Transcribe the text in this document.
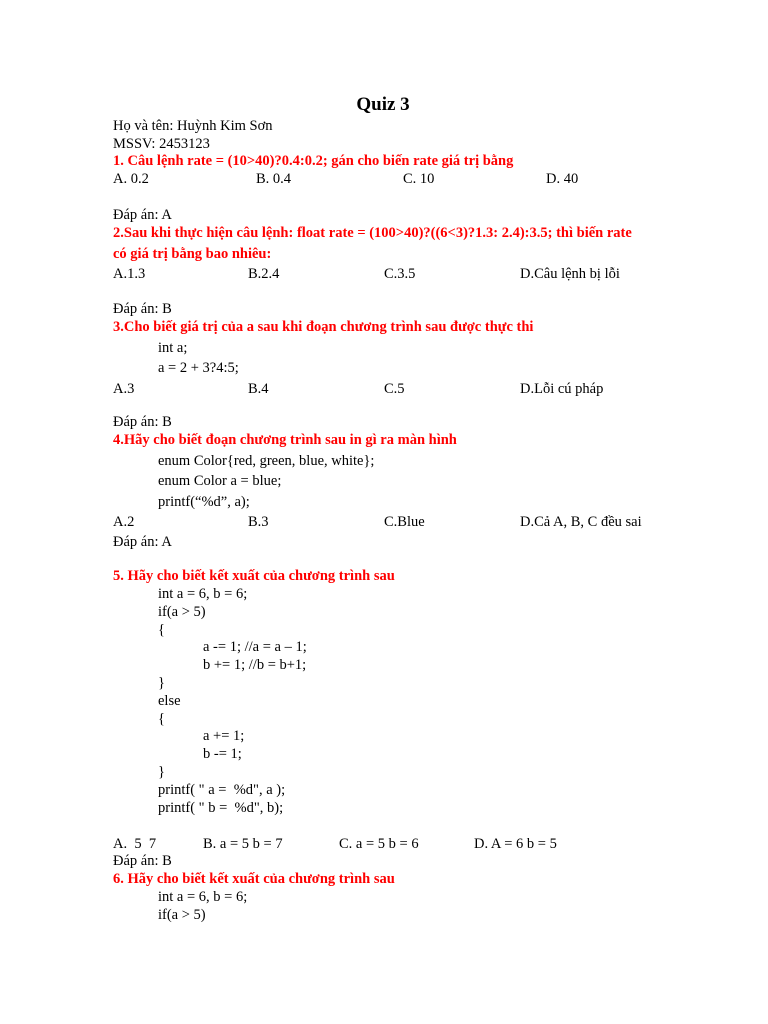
Quiz 3
Họ và tên: Huỳnh Kim Sơn
MSSV: 2453123
1. Câu lệnh rate = (10>40)?0.4:0.2; gán cho biến rate giá trị bằng
A. 0.2	B. 0.4	C. 10	D. 40
Đáp án: A
2.Sau khi thực hiện câu lệnh: float rate = (100>40)?((6<3)?1.3: 2.4):3.5; thì biến rate
có giá trị bằng bao nhiêu:
A.1.3	B.2.4	C.3.5	D.Câu lệnh bị lỗi
Đáp án: B
3.Cho biết giá trị của a sau khi đoạn chương trình sau được thực thi
int a;
a = 2 + 3?4:5;
A.3	B.4	C.5	D.Lỗi cú pháp
Đáp án: B
4.Hãy cho biết đoạn chương trình sau in gì ra màn hình
enum Color{red, green, blue, white};
enum Color a = blue;
printf(“%d”, a);
A.2	B.3	C.Blue	D.Cả A, B, C đều sai
Đáp án: A
5. Hãy cho biết kết xuất của chương trình sau
int a = 6, b = 6;
if(a > 5)
{
a -= 1; //a = a – 1;
b += 1; //b = b+1;
}
else
{
a += 1;
b -= 1;
}
printf( " a =  %d", a );
printf( " b =  %d", b);
A.  5  7	B. a = 5 b = 7	C. a = 5 b = 6	D. A = 6 b = 5
Đáp án: B
6. Hãy cho biết kết xuất của chương trình sau
int a = 6, b = 6;
if(a > 5)
